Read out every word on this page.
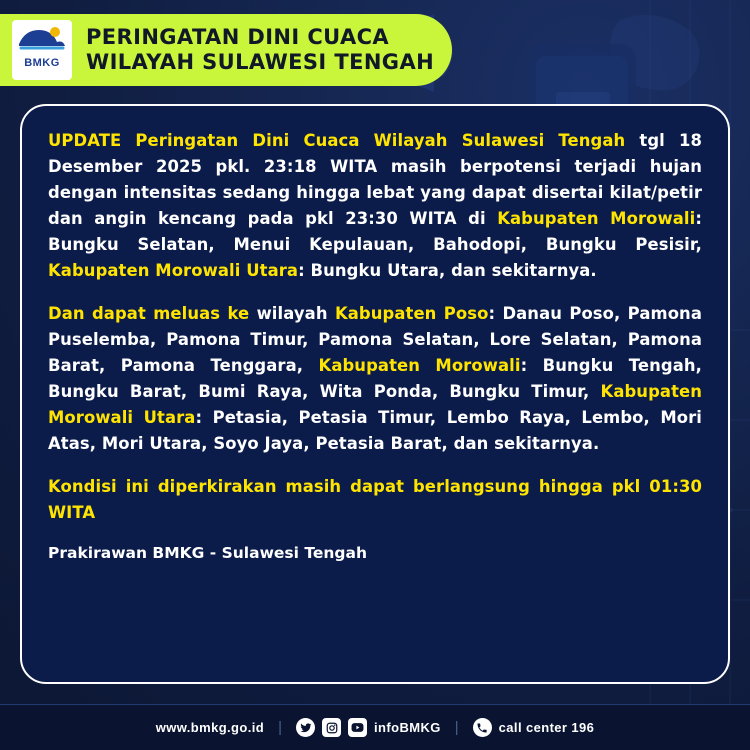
BMKG
PERINGATAN DINI CUACA
WILAYAH SULAWESI TENGAH

UPDATE Peringatan Dini Cuaca Wilayah Sulawesi Tengah tgl 18 Desember 2025 pkl. 23:18 WITA masih berpotensi terjadi hujan dengan intensitas sedang hingga lebat yang dapat disertai kilat/petir dan angin kencang pada pkl 23:30 WITA di Kabupaten Morowali: Bungku Selatan, Menui Kepulauan, Bahodopi, Bungku Pesisir, Kabupaten Morowali Utara: Bungku Utara, dan sekitarnya.

Dan dapat meluas ke wilayah Kabupaten Poso: Danau Poso, Pamona Puselemba, Pamona Timur, Pamona Selatan, Lore Selatan, Pamona Barat, Pamona Tenggara, Kabupaten Morowali: Bungku Tengah, Bungku Barat, Bumi Raya, Wita Ponda, Bungku Timur, Kabupaten Morowali Utara: Petasia, Petasia Timur, Lembo Raya, Lembo, Mori Atas, Mori Utara, Soyo Jaya, Petasia Barat, dan sekitarnya.

Kondisi ini diperkirakan masih dapat berlangsung hingga pkl 01:30 WITA

Prakirawan BMKG - Sulawesi Tengah
www.bmkg.go.id |	infoBMKG |	call center 196
